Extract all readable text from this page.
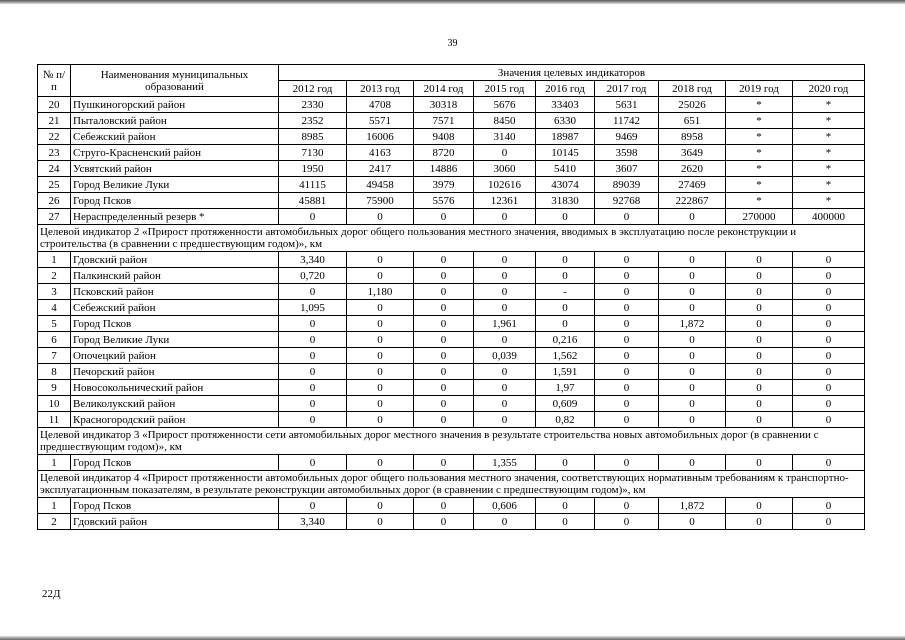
39
№ п/п	Наименования муниципальных образований	Значения целевых индикаторов								
		2012 год	2013 год	2014 год	2015 год	2016 год	2017 год	2018 год	2019 год	2020 год
20	Пушкиногорский район	2330	4708	30318	5676	33403	5631	25026	*	*
21	Пыталовский район	2352	5571	7571	8450	6330	11742	651	*	*
22	Себежский район	8985	16006	9408	3140	18987	9469	8958	*	*
23	Струго-Красненский район	7130	4163	8720	0	10145	3598	3649	*	*
24	Усвятский район	1950	2417	14886	3060	5410	3607	2620	*	*
25	Город Великие Луки	41115	49458	3979	102616	43074	89039	27469	*	*
26	Город Псков	45881	75900	5576	12361	31830	92768	222867	*	*
27	Нераспределенный резерв *	0	0	0	0	0	0	0	270000	400000
Целевой индикатор 2 «Прирост протяженности автомобильных дорог общего пользования местного значения, вводимых в эксплуатацию после реконструкции и строительства (в сравнении с предшествующим годом)», км										
1	Гдовский район	3,340	0	0	0	0	0	0	0	0
2	Палкинский район	0,720	0	0	0	0	0	0	0	0
3	Псковский район	0	1,180	0	0	-	0	0	0	0
4	Себежский район	1,095	0	0	0	0	0	0	0	0
5	Город Псков	0	0	0	1,961	0	0	1,872	0	0
6	Город Великие Луки	0	0	0	0	0,216	0	0	0	0
7	Опочецкий район	0	0	0	0,039	1,562	0	0	0	0
8	Печорский район	0	0	0	0	1,591	0	0	0	0
9	Новосокольнический район	0	0	0	0	1,97	0	0	0	0
10	Великолукский район	0	0	0	0	0,609	0	0	0	0
11	Красногородский район	0	0	0	0	0,82	0	0	0	0
Целевой индикатор 3 «Прирост протяженности сети автомобильных дорог местного значения в результате строительства новых автомобильных дорог (в сравнении с предшествующим годом)», км										
1	Город Псков	0	0	0	1,355	0	0	0	0	0
Целевой индикатор 4 «Прирост протяженности автомобильных дорог общего пользования местного значения, соответствующих нормативным требованиям к транспортно-эксплуатационным показателям, в результате реконструкции автомобильных дорог (в сравнении с предшествующим годом)», км										
1	Город Псков	0	0	0	0,606	0	0	1,872	0	0
2	Гдовский район	3,340	0	0	0	0	0	0	0	0
22Д
